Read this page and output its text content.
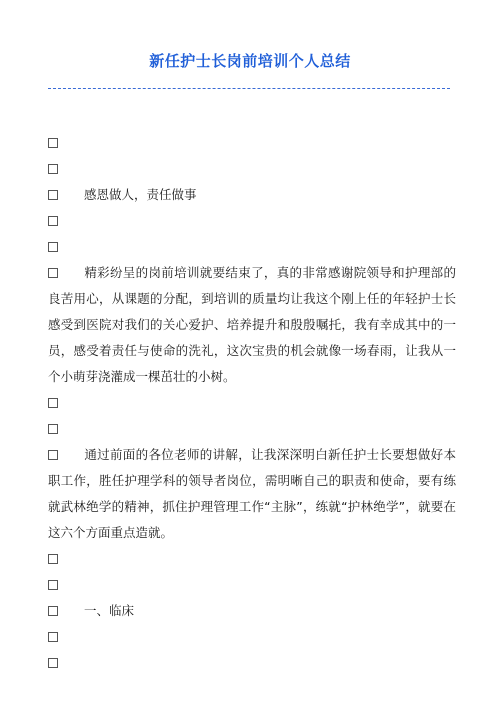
新任护士长岗前培训个人总结
感恩做人，责任做事
精彩纷呈的岗前培训就要结束了，真的非常感谢院领导和护理部的良苦用心，从课题的分配，到培训的质量均让我这个刚上任的年轻护士长感受到医院对我们的关心爱护、培养提升和殷殷嘱托，我有幸成其中的一员，感受着责任与使命的洗礼，这次宝贵的机会就像一场春雨，让我从一个小萌芽浇灌成一棵茁壮的小树。
通过前面的各位老师的讲解，让我深深明白新任护士长要想做好本职工作，胜任护理学科的领导者岗位，需明晰自己的职责和使命，要有练就武林绝学的精神，抓住护理管理工作“主脉”，练就“护林绝学”，就要在这六个方面重点造就。
一、临床
